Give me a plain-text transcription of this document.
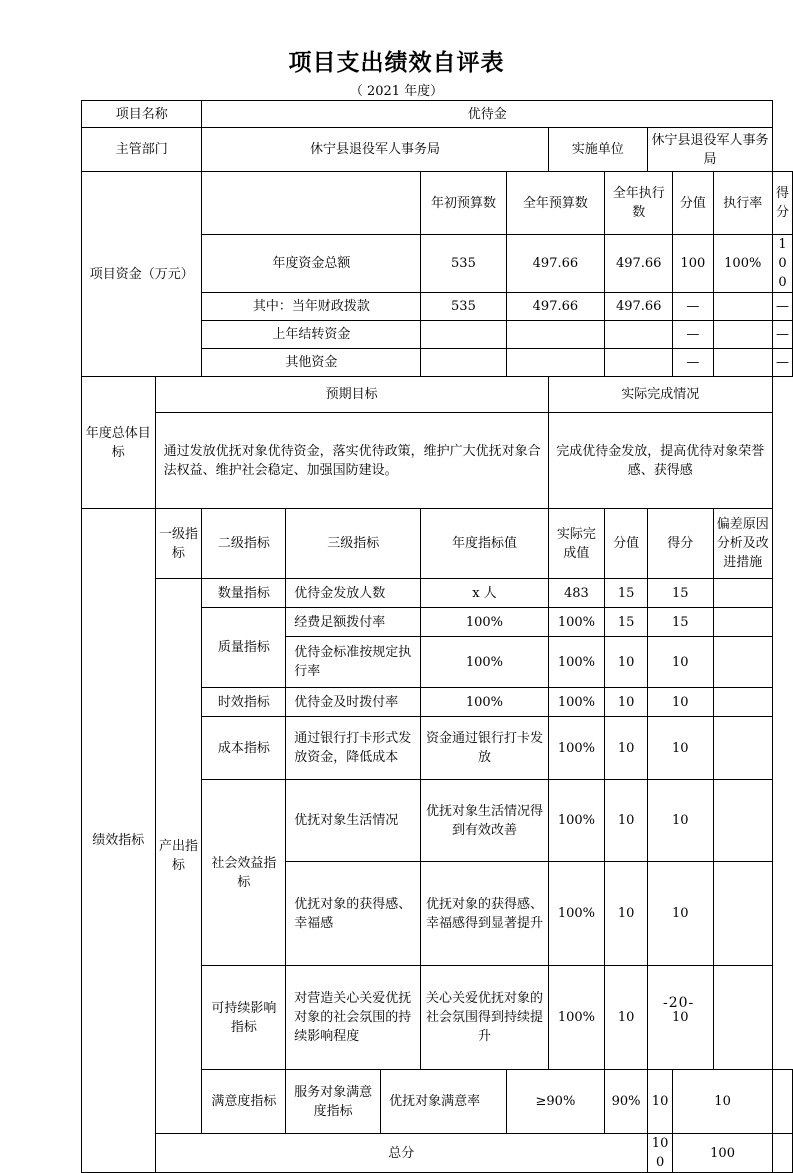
项目支出绩效自评表
（ 2021 年度）
项目名称		优待金										
主管部门		休宁县退役军人事务局					实施单位		休宁县退役军人事务局			
项目资金（万元）					年初预算数	全年预算数		全年执行数		分值	执行率	得分
		年度资金总额			535	497.66		497.66		100	100%	100
		其中：当年财政拨款			535	497.66		497.66		—		—
		上年结转资金								—		—
		其他资金								—		—
年度总体目标	预期目标						实际完成情况					
	通过发放优抚对象优待资金，落实优待政策，维护广大优抚对象合法权益、维护社会稳定、加强国防建设。						完成优待金发放，提高优待对象荣誉感、获得感					
绩效指标	一级指标	二级指标	三级指标		年度指标值		实际完成值	分值	得分		偏差原因分析及改进措施	
	产出指标	数量指标	优待金发放人数		x 人		483	15	15			
		质量指标	经费足额拨付率		100%		100%	15	15			
			优待金标准按规定执行率		100%		100%	10	10			
		时效指标	优待金及时拨付率		100%		100%	10	10			
		成本指标	通过银行打卡形式发放资金，降低成本		资金通过银行打卡发放		100%	10	10			
		社会效益指标	优抚对象生活情况		优抚对象生活情况得到有效改善		100%	10	10			
			优抚对象的获得感、幸福感		优抚对象的获得感、幸福感得到显著提升		100%	10	10			
		可持续影响指标	对营造关心关爱优抚对象的社会氛围的持续影响程度		关心关爱优抚对象的社会氛围得到持续提升		100%	10	10			
		满意度指标	服务对象满意度指标	优抚对象满意率		≥90%		90%	10	10		
	总分								100	100		
-20-
